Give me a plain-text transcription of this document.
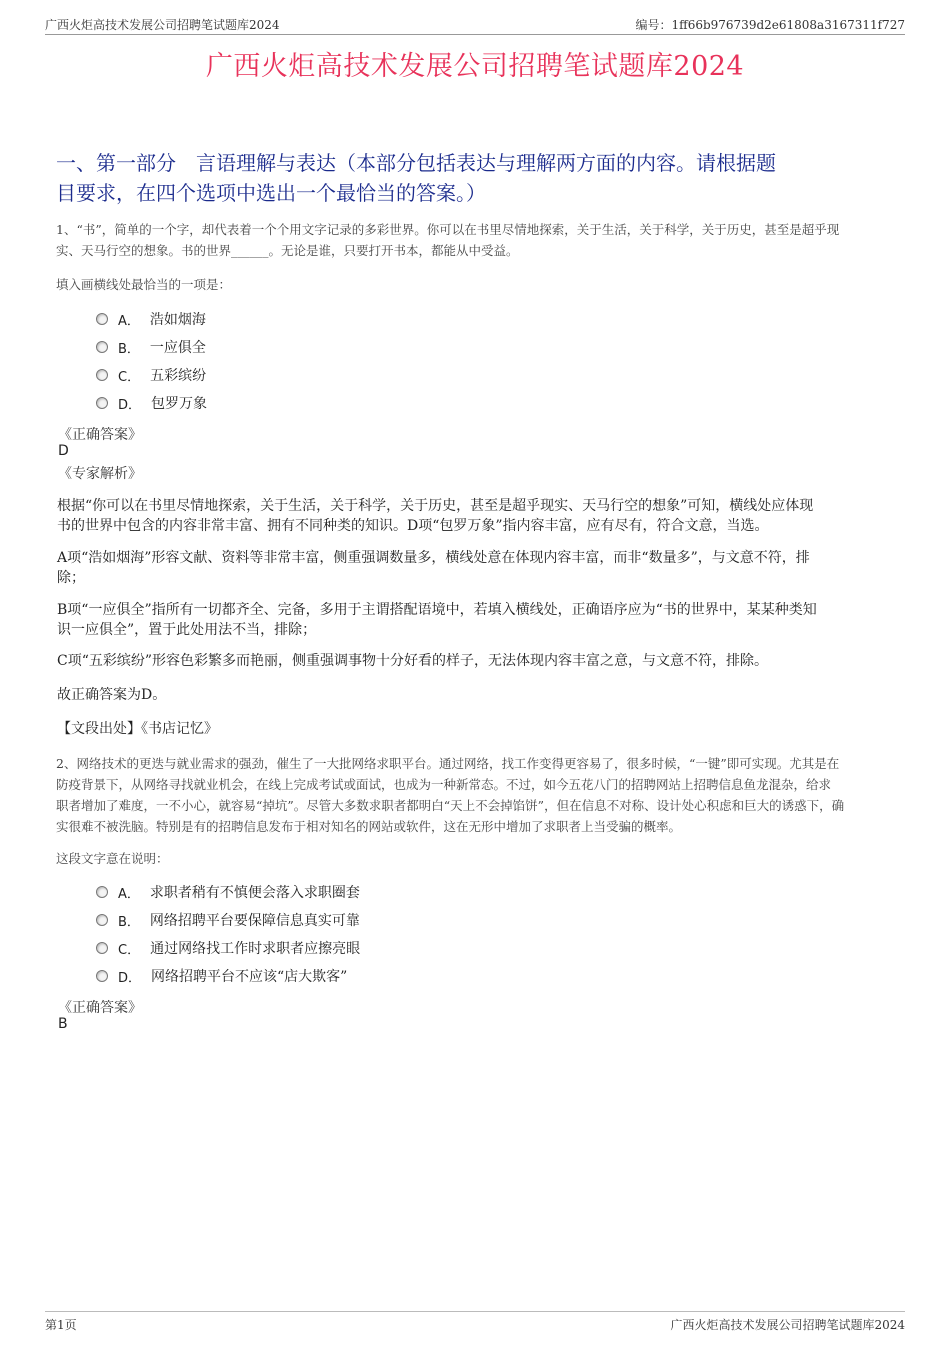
广西火炬高技术发展公司招聘笔试题库2024	编号：1ff66b976739d2e61808a3167311f727
广西火炬高技术发展公司招聘笔试题库2024
一、第一部分　言语理解与表达（本部分包括表达与理解两方面的内容。请根据题
目要求，在四个选项中选出一个最恰当的答案。）
1、“书”，简单的一个字，却代表着一个个用文字记录的多彩世界。你可以在书里尽情地探索，关于生活，关于科学，关于历史，甚至是超乎现
实、天马行空的想象。书的世界______。无论是谁，只要打开书本，都能从中受益。
填入画横线处最恰当的一项是：
A． 浩如烟海
B． 一应俱全
C． 五彩缤纷
D． 包罗万象
《正确答案》
D
《专家解析》
根据“你可以在书里尽情地探索，关于生活，关于科学，关于历史，甚至是超乎现实、天马行空的想象”可知，横线处应体现
书的世界中包含的内容非常丰富、拥有不同种类的知识。D项“包罗万象”指内容丰富，应有尽有，符合文意，当选。
A项“浩如烟海”形容文献、资料等非常丰富，侧重强调数量多，横线处意在体现内容丰富，而非“数量多”，与文意不符，排
除；
B项“一应俱全”指所有一切都齐全、完备，多用于主谓搭配语境中，若填入横线处，正确语序应为“书的世界中，某某种类知
识一应俱全”，置于此处用法不当，排除；
C项“五彩缤纷”形容色彩繁多而艳丽，侧重强调事物十分好看的样子，无法体现内容丰富之意，与文意不符，排除。
故正确答案为D。
【文段出处】《书店记忆》
2、网络技术的更迭与就业需求的强劲，催生了一大批网络求职平台。通过网络，找工作变得更容易了，很多时候，“一键”即可实现。尤其是在
防疫背景下，从网络寻找就业机会，在线上完成考试或面试，也成为一种新常态。不过，如今五花八门的招聘网站上招聘信息鱼龙混杂，给求
职者增加了难度，一不小心，就容易“掉坑”。尽管大多数求职者都明白“天上不会掉馅饼”，但在信息不对称、设计处心积虑和巨大的诱惑下，确
实很难不被洗脑。特别是有的招聘信息发布于相对知名的网站或软件，这在无形中增加了求职者上当受骗的概率。
这段文字意在说明：
A． 求职者稍有不慎便会落入求职圈套
B． 网络招聘平台要保障信息真实可靠
C． 通过网络找工作时求职者应擦亮眼
D． 网络招聘平台不应该“店大欺客”
《正确答案》
B
第1页	广西火炬高技术发展公司招聘笔试题库2024
